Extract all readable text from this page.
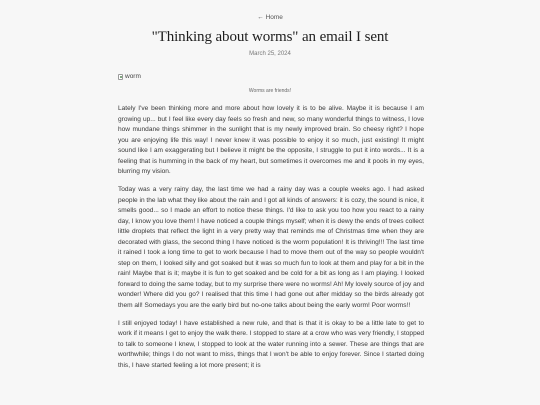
← Home
"Thinking about worms" an email I sent
March 25, 2024
worm
Worms are friends!

Lately I've been thinking more and more about how lovely it is to be alive. Maybe it is because I am growing up... but I feel like every day feels so fresh and new, so many wonderful things to witness, I love how mundane things shimmer in the sunlight that is my newly improved brain. So cheesy right? I hope you are enjoying life this way! I never knew it was possible to enjoy it so much, just existing! It might sound like I am exaggerating but I believe it might be the opposite, I struggle to put it into words... It is a feeling that is humming in the back of my heart, but sometimes it overcomes me and it pools in my eyes, blurring my vision.

Today was a very rainy day, the last time we had a rainy day was a couple weeks ago. I had asked people in the lab what they like about the rain and I got all kinds of answers: it is cozy, the sound is nice, it smells good... so I made an effort to notice these things. I'd like to ask you too how you react to a rainy day, I know you love them! I have noticed a couple things myself; when it is dewy the ends of trees collect little droplets that reflect the light in a very pretty way that reminds me of Christmas time when they are decorated with glass, the second thing I have noticed is the worm population! It is thriving!!! The last time it rained I took a long time to get to work because I had to move them out of the way so people wouldn't step on them, I looked silly and got soaked but it was so much fun to look at them and play for a bit in the rain! Maybe that is it; maybe it is fun to get soaked and be cold for a bit as long as I am playing. I looked forward to doing the same today, but to my surprise there were no worms! Ah! My lovely source of joy and wonder! Where did you go? I realised that this time I had gone out after midday so the birds already got them all! Somedays you are the early bird but no-one talks about being the early worm! Poor worms!!

I still enjoyed today! I have established a new rule, and that is that it is okay to be a little late to get to work if it means I get to enjoy the walk there. I stopped to stare at a crow who was very friendly, I stopped to talk to someone I knew, I stopped to look at the water running into a sewer. These are things that are worthwhile; things I do not want to miss, things that I won't be able to enjoy forever. Since I started doing this, I have started feeling a lot more present; it is
